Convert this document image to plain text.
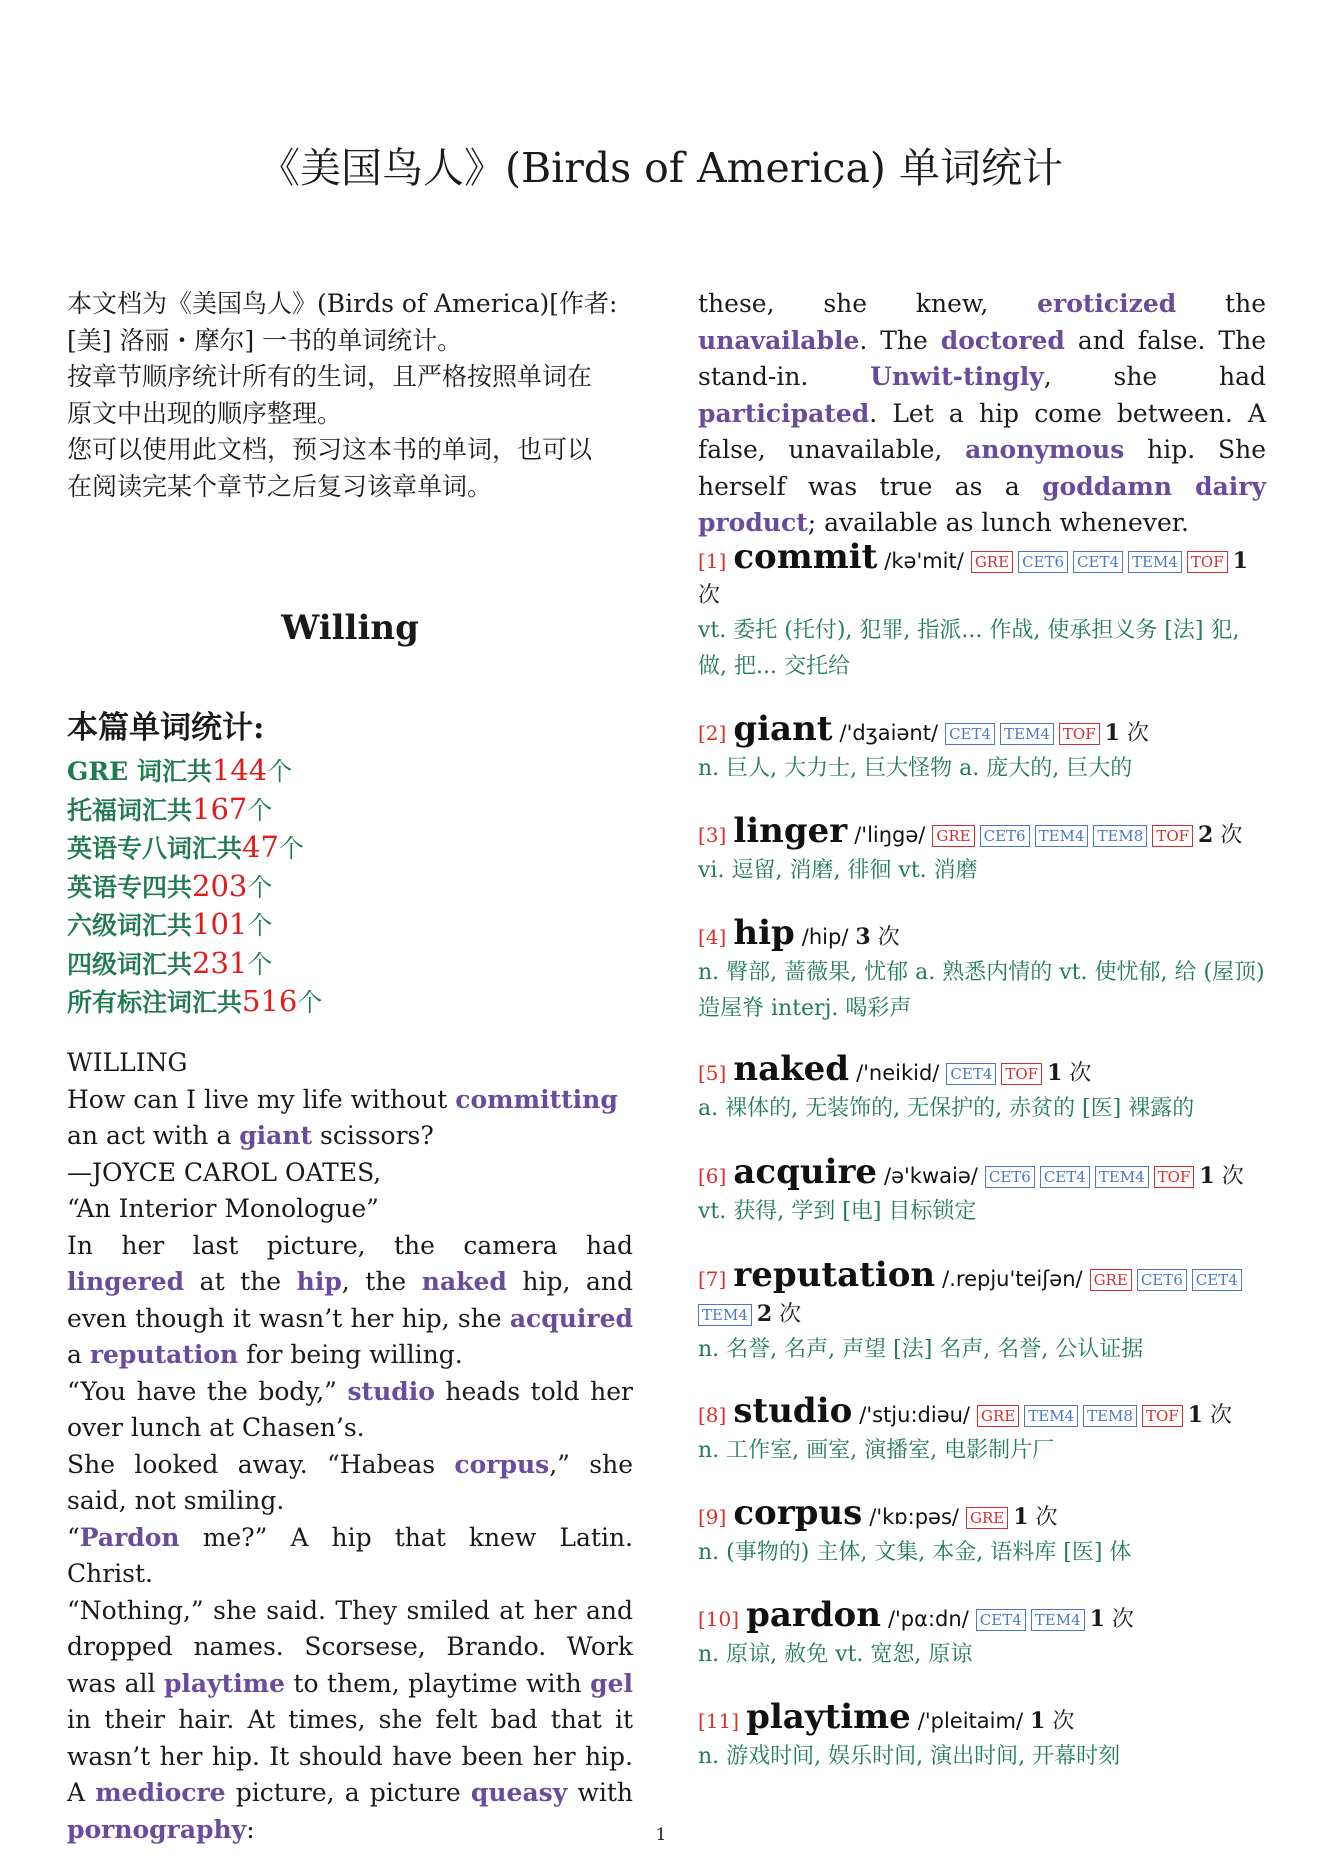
《美国鸟人》(Birds of America) 单词统计

本文档为《美国鸟人》(Birds of America)[作者:

[美] 洛丽・摩尔] 一书的单词统计。

按章节顺序统计所有的生词，且严格按照单词在

原文中出现的顺序整理。

您可以使用此文档，预习这本书的单词，也可以

在阅读完某个章节之后复习该章单词。

Willing
本篇单词统计:
GRE 词汇共144个
托福词汇共167个
英语专八词汇共47个
英语专四共203个
六级词汇共101个
四级词汇共231个
所有标注词汇共516个

WILLING

How can I live my life without committing an act with a giant scissors?

—JOYCE CAROL OATES,

“An Interior Monologue”

In her last picture, the camera had lingered at the hip, the naked hip, and even though it wasn’t her hip, she acquired a reputation for being willing.

“You have the body,” studio heads told her over lunch at Chasen’s.

She looked away. “Habeas corpus,” she said, not smiling.

“Pardon me?” A hip that knew Latin. Christ.

“Nothing,” she said. They smiled at her and dropped names. Scorsese, Brando. Work was all playtime to them, playtime with gel in their hair. At times, she felt bad that it wasn’t her hip. It should have been her hip. A mediocre picture, a picture queasy with pornography:

these, she knew, eroticized the unavailable. The doctored and false. The stand-in. Unwit-tingly, she had participated. Let a hip come between. A false, unavailable, anonymous hip. She herself was true as a goddamn dairy product; available as lunch whenever.

[1] commit /kə'mit/ GRE CET6 CET4 TEM4 TOF 1 次
vt. 委托 (托付), 犯罪, 指派... 作战, 使承担义务 [法] 犯, 做, 把... 交托给
[2] giant /'dʒaiənt/ CET4 TEM4 TOF 1 次
n. 巨人, 大力士, 巨大怪物 a. 庞大的, 巨大的
[3] linger /'liŋgə/ GRE CET6 TEM4 TEM8 TOF 2 次
vi. 逗留, 消磨, 徘徊 vt. 消磨
[4] hip /hip/ 3 次
n. 臀部, 蔷薇果, 忧郁 a. 熟悉内情的 vt. 使忧郁, 给 (屋顶) 造屋脊 interj. 喝彩声
[5] naked /'neikid/ CET4 TOF 1 次
a. 裸体的, 无装饰的, 无保护的, 赤贫的 [医] 裸露的
[6] acquire /ə'kwaiə/ CET6 CET4 TEM4 TOF 1 次
vt. 获得, 学到 [电] 目标锁定
[7] reputation /.repju'teiʃən/ GRE CET6 CET4TEM4 2 次
n. 名誉, 名声, 声望 [法] 名声, 名誉, 公认证据
[8] studio /'stju:diəu/ GRE TEM4 TEM8 TOF 1 次
n. 工作室, 画室, 演播室, 电影制片厂
[9] corpus /'kɒ:pəs/ GRE 1 次
n. (事物的) 主体, 文集, 本金, 语料库 [医] 体
[10] pardon /'pα:dn/ CET4 TEM4 1 次
n. 原谅, 赦免 vt. 宽恕, 原谅
[11] playtime /'pleitaim/ 1 次
n. 游戏时间, 娱乐时间, 演出时间, 开幕时刻
1
